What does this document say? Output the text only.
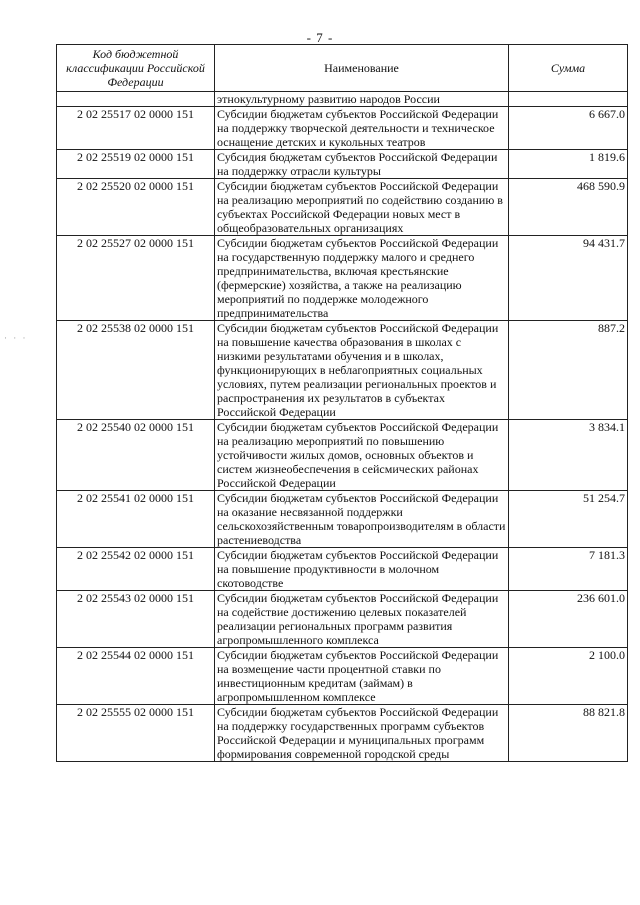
- 7 -
Код бюджетной классификации Российской Федерации	Наименование	Сумма
	этнокультурному развитию народов России	
2 02 25517 02 0000 151	Субсидии бюджетам субъектов Российской Федерации на поддержку творческой деятельности и техническое оснащение детских и кукольных театров	6 667.0
2 02 25519 02 0000 151	Субсидия бюджетам субъектов Российской Федерации на поддержку отрасли культуры	1 819.6
2 02 25520 02 0000 151	Субсидии бюджетам субъектов Российской Федерации на реализацию мероприятий по содействию созданию в субъектах Российской Федерации новых мест в общеобразовательных организациях	468 590.9
2 02 25527 02 0000 151	Субсидии бюджетам субъектов Российской Федерации на государственную поддержку малого и среднего предпринимательства, включая крестьянские (фермерские) хозяйства, а также на реализацию мероприятий по поддержке молодежного предпринимательства	94 431.7
2 02 25538 02 0000 151	Субсидии бюджетам субъектов Российской Федерации на повышение качества образования в школах с низкими результатами обучения и в школах, функционирующих в неблагоприятных социальных условиях, путем реализации региональных проектов и распространения их результатов в субъектах Российской Федерации	887.2
2 02 25540 02 0000 151	Субсидии бюджетам субъектов Российской Федерации на реализацию мероприятий по повышению устойчивости жилых домов, основных объектов и систем жизнеобеспечения в сейсмических районах Российской Федерации	3 834.1
2 02 25541 02 0000 151	Субсидии бюджетам субъектов Российской Федерации на оказание несвязанной поддержки сельскохозяйственным товаропроизводителям в области растениеводства	51 254.7
2 02 25542 02 0000 151	Субсидии бюджетам субъектов Российской Федерации на повышение продуктивности в молочном скотоводстве	7 181.3
2 02 25543 02 0000 151	Субсидии бюджетам субъектов Российской Федерации на содействие достижению целевых показателей реализации региональных программ развития агропромышленного комплекса	236 601.0
2 02 25544 02 0000 151	Субсидии бюджетам субъектов Российской Федерации на возмещение части процентной ставки по инвестиционным кредитам (займам) в агропромышленном комплексе	2 100.0
2 02 25555 02 0000 151	Субсидии бюджетам субъектов Российской Федерации на поддержку государственных программ субъектов Российской Федерации и муниципальных программ формирования современной городской среды	88 821.8
· · ·
